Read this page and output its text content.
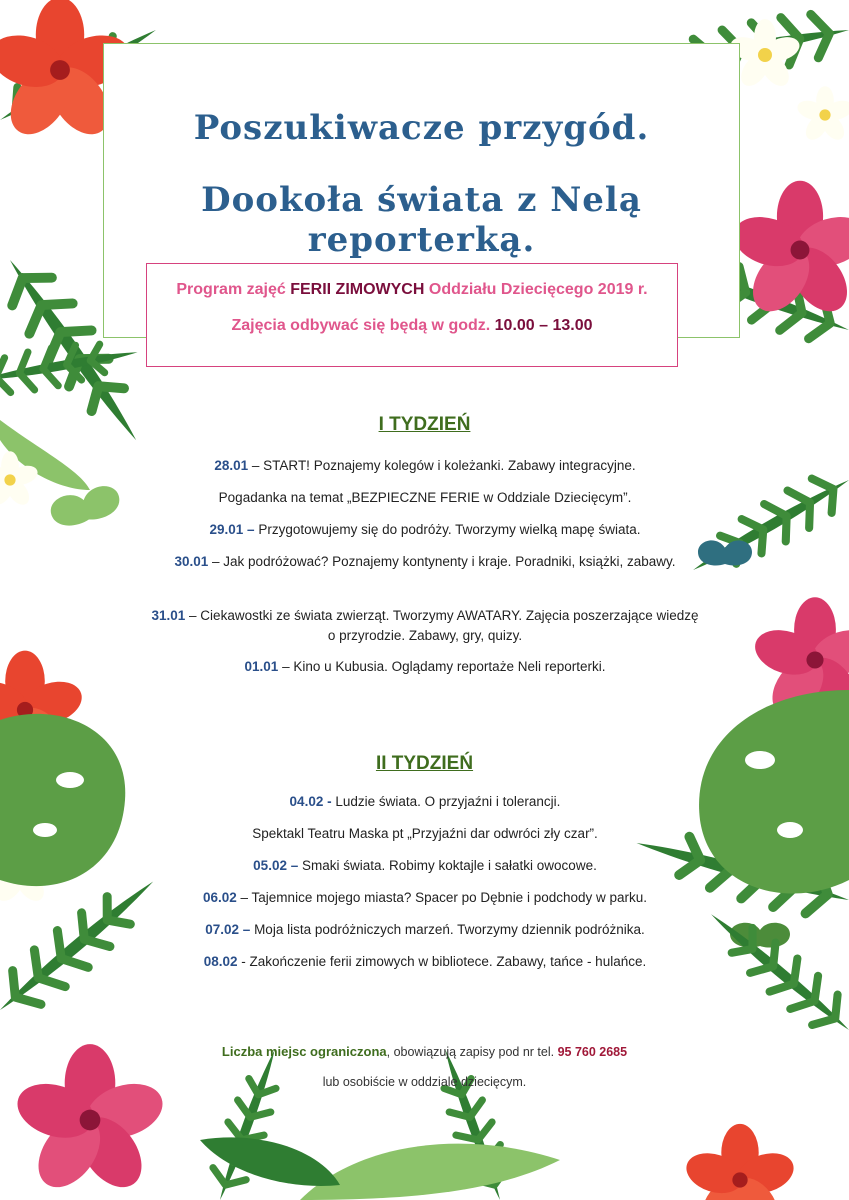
Poszukiwacze przygód.
Dookoła świata z Nelą reporterką.
Program zajęć FERII ZIMOWYCH Oddziału Dziecięcego 2019 r.
Zajęcia odbywać się będą w godz. 10.00 – 13.00
I TYDZIEŃ
28.01 – START! Poznajemy kolegów i koleżanki. Zabawy integracyjne.
Pogadanka na temat „BEZPIECZNE FERIE w Oddziale Dziecięcym”.
29.01 – Przygotowujemy się do podróży. Tworzymy wielką mapę świata.
30.01 – Jak podróżować? Poznajemy kontynenty i kraje. Poradniki, książki, zabawy.
31.01 – Ciekawostki ze świata zwierząt. Tworzymy AWATARY. Zajęcia poszerzające wiedzę o przyrodzie. Zabawy, gry, quizy.
01.01 – Kino u Kubusia. Oglądamy reportaże Neli reporterki.
II TYDZIEŃ
04.02 - Ludzie świata. O przyjaźni i tolerancji.
Spektakl Teatru Maska pt „Przyjaźni dar odwróci zły czar”.
05.02 – Smaki świata. Robimy koktajle i sałatki owocowe.
06.02 – Tajemnice mojego miasta? Spacer po Dębnie i podchody w parku.
07.02 – Moja lista podróżniczych marzeń. Tworzymy dziennik podróżnika.
08.02 - Zakończenie ferii zimowych w bibliotece. Zabawy, tańce - hulańce.
Liczba miejsc ograniczona, obowiązują zapisy pod nr tel. 95 760 2685
lub osobiście w oddziale dziecięcym.
